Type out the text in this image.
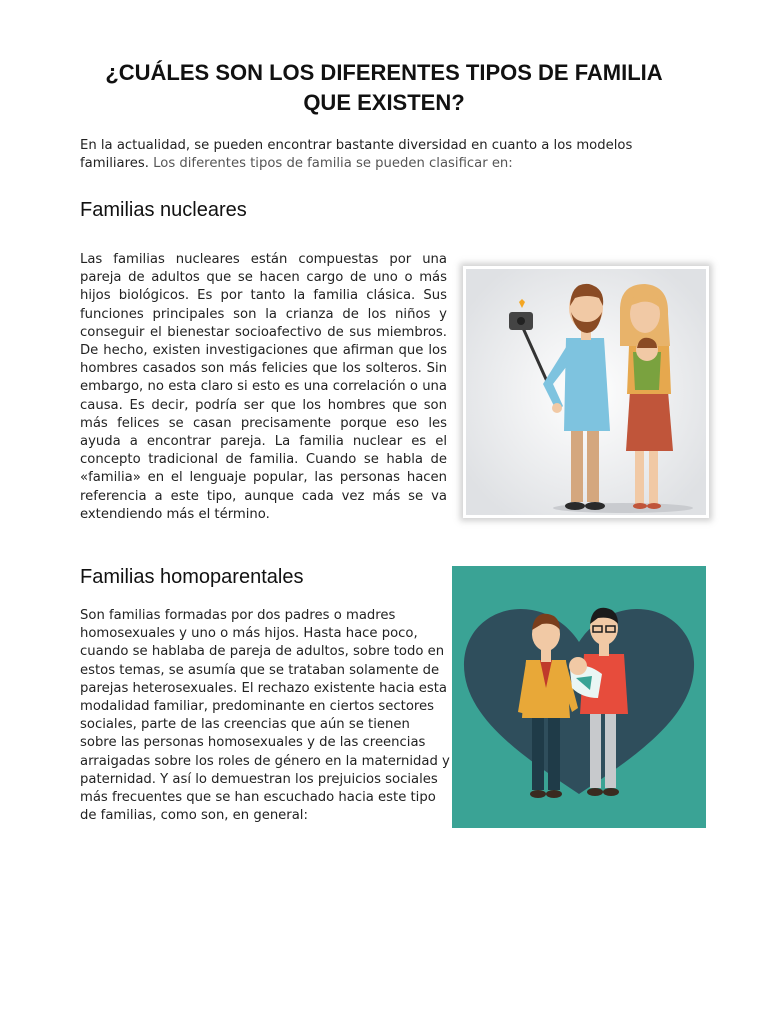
¿CUÁLES SON LOS DIFERENTES TIPOS DE FAMILIA
QUE EXISTEN?
En la actualidad, se pueden encontrar bastante diversidad en cuanto a los modelos familiares. Los diferentes tipos de familia se pueden clasificar en:
Familias nucleares
Las familias nucleares están compuestas por una pareja de adultos que se hacen cargo de uno o más hijos biológicos. Es por tanto la familia clásica. Sus funciones principales son la crianza de los niños y conseguir el bienestar socioafectivo de sus miembros. De hecho, existen investigaciones que afirman que los hombres casados son más felicies que los solteros. Sin embargo, no esta claro si esto es una correlación o una causa. Es decir, podría ser que los hombres que son más felices se casan precisamente porque eso les ayuda a encontrar pareja. La familia nuclear es el concepto tradicional de familia. Cuando se habla de «familia» en el lenguaje popular, las personas hacen referencia a este tipo, aunque cada vez más se va extendiendo más el término.
Familias homoparentales
Son familias formadas por dos padres o madres homosexuales y uno o más hijos. Hasta hace poco, cuando se hablaba de pareja de adultos, sobre todo en estos temas, se asumía que se trataban solamente de parejas heterosexuales. El rechazo existente hacia esta modalidad familiar, predominante en ciertos sectores sociales, parte de las creencias que aún se tienen sobre las personas homosexuales y de las creencias arraigadas sobre los roles de género en la maternidad y paternidad. Y así lo demuestran los prejuicios sociales más frecuentes que se han escuchado hacia este tipo de familias, como son, en general:
